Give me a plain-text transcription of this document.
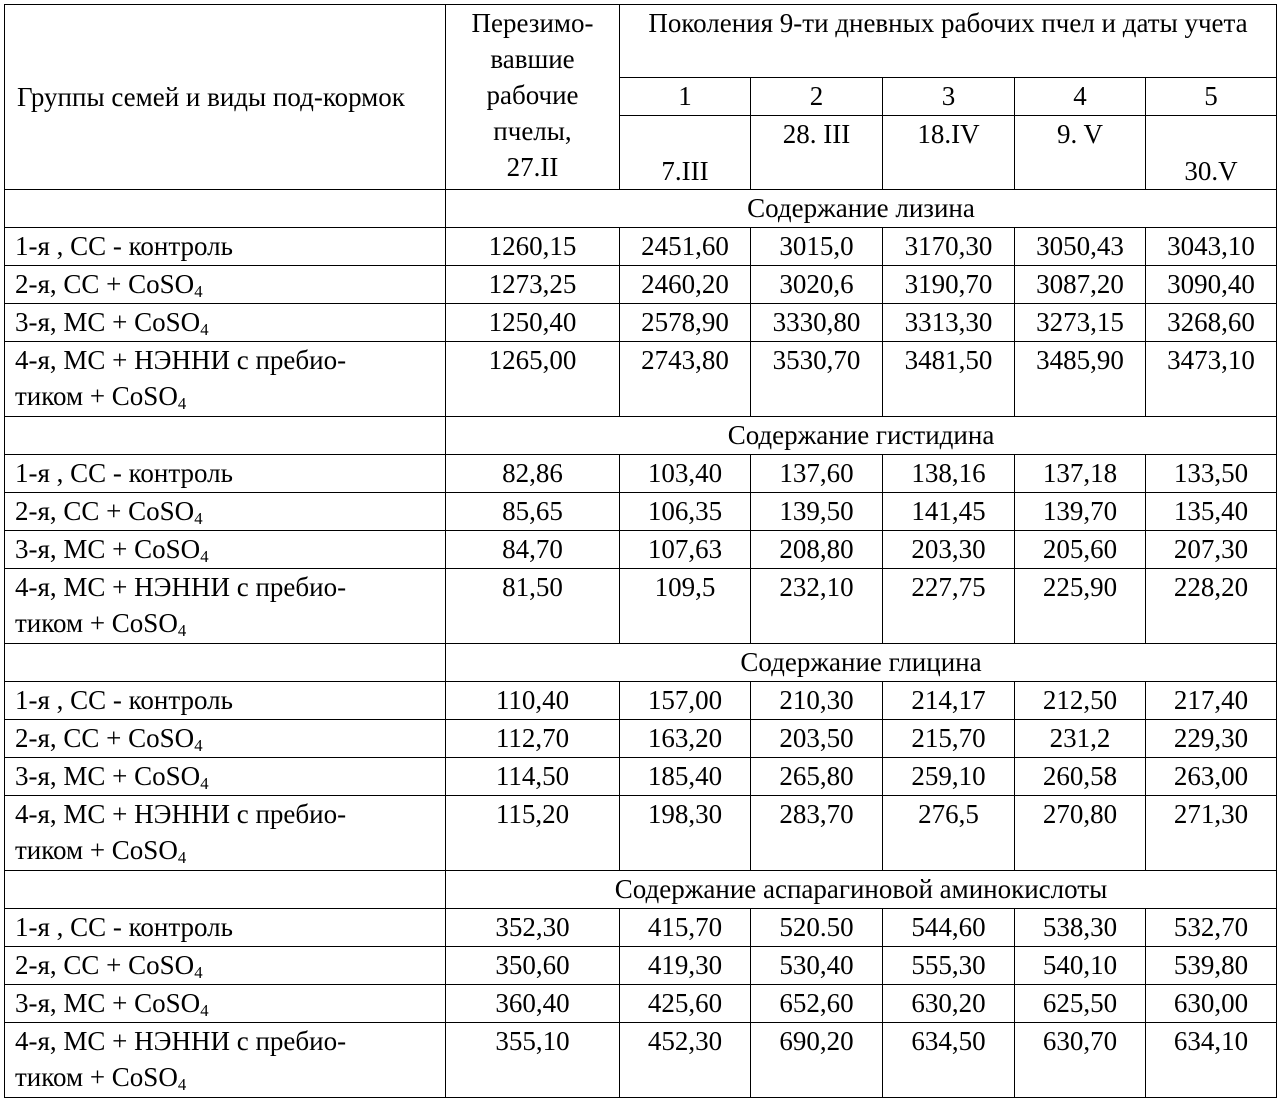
Группы семей и виды под-кормок	Перезимо-
вавшие
рабочие
пчелы,
27.II	Поколения 9-ти дневных рабочих пчел и даты учета				
		1	2	3	4	5
		7.III	28. III	18.IV	9. V	30.V
	Содержание лизина					

1-я , СС - контроль	1260,15	2451,60	3015,0	3170,30	3050,43	3043,10

2-я, СС + CoSO$_4$	1273,25	2460,20	3020,6	3190,70	3087,20	3090,40

3-я, МС + CoSO$_4$	1250,40	2578,90	3330,80	3313,30	3273,15	3268,60

4-я, МС + НЭННИ с пребио-
тиком + CoSO$_4$	1265,00	2743,80	3530,70	3481,50	3485,90	3473,10
	Содержание гистидина					

1-я , СС - контроль	82,86	103,40	137,60	138,16	137,18	133,50

2-я, СС + CoSO$_4$	85,65	106,35	139,50	141,45	139,70	135,40

3-я, МС + CoSO$_4$	84,70	107,63	208,80	203,30	205,60	207,30

4-я, МС + НЭННИ с пребио-
тиком + CoSO$_4$	81,50	109,5	232,10	227,75	225,90	228,20
	Содержание глицина					

1-я , СС - контроль	110,40	157,00	210,30	214,17	212,50	217,40

2-я, СС + CoSO$_4$	112,70	163,20	203,50	215,70	231,2	229,30

3-я, МС + CoSO$_4$	114,50	185,40	265,80	259,10	260,58	263,00

4-я, МС + НЭННИ с пребио-
тиком + CoSO$_4$	115,20	198,30	283,70	276,5	270,80	271,30
	Содержание аспарагиновой аминокислоты					

1-я , СС - контроль	352,30	415,70	520.50	544,60	538,30	532,70

2-я, СС + CoSO$_4$	350,60	419,30	530,40	555,30	540,10	539,80

3-я, МС + CoSO$_4$	360,40	425,60	652,60	630,20	625,50	630,00

4-я, МС + НЭННИ с пребио-
тиком + CoSO$_4$	355,10	452,30	690,20	634,50	630,70	634,10
